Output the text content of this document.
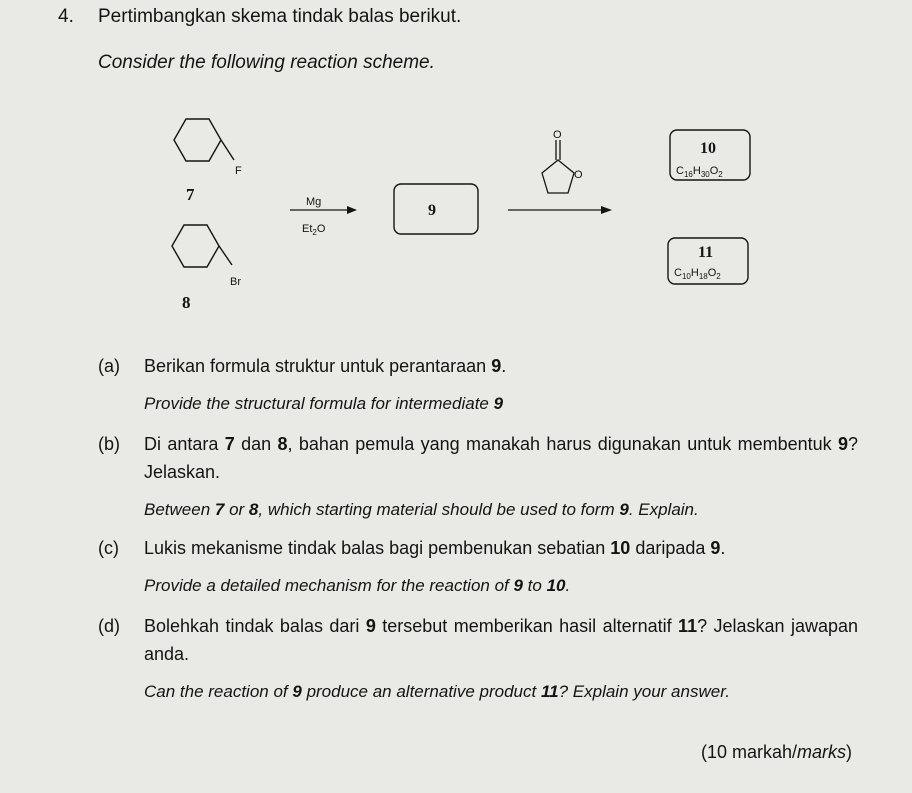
4. Pertimbangkan skema tindak balas berikut.
Consider the following reaction scheme.
F
7
Br
8
Mg
$Et_2O$
9
O
O
10
$C_{16}H_{30}O_2$
11
$C_{10}H_{18}O_2$
(a) Berikan formula struktur untuk perantaraan 9.
Provide the structural formula for intermediate 9
(b) Di antara 7 dan 8, bahan pemula yang manakah harus digunakan untuk membentuk 9? Jelaskan.
Between 7 or 8, which starting material should be used to form 9. Explain.
(c) Lukis mekanisme tindak balas bagi pembenukan sebatian 10 daripada 9.
Provide a detailed mechanism for the reaction of 9 to 10.
(d) Bolehkah tindak balas dari 9 tersebut memberikan hasil alternatif 11? Jelaskan jawapan anda.
Can the reaction of 9 produce an alternative product 11? Explain your answer.
(10 markah/marks)
